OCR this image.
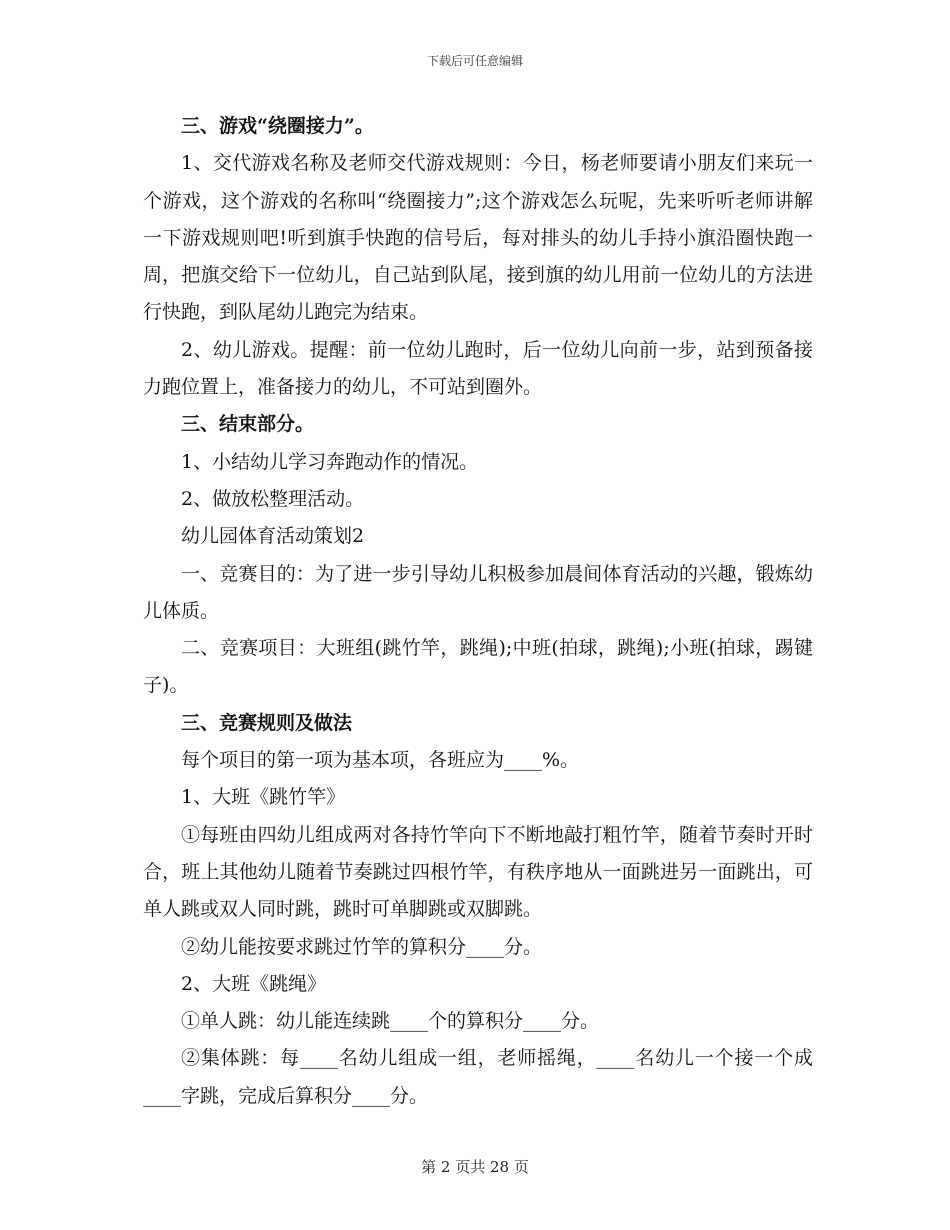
下载后可任意编辑

三、游戏“绕圈接力”。

1、交代游戏名称及老师交代游戏规则：今日，杨老师要请小朋友们来玩一个游戏，这个游戏的名称叫“绕圈接力”;这个游戏怎么玩呢，先来听听老师讲解一下游戏规则吧!听到旗手快跑的信号后，每对排头的幼儿手持小旗沿圈快跑一周，把旗交给下一位幼儿，自己站到队尾，接到旗的幼儿用前一位幼儿的方法进行快跑，到队尾幼儿跑完为结束。

2、幼儿游戏。提醒：前一位幼儿跑时，后一位幼儿向前一步，站到预备接力跑位置上，准备接力的幼儿，不可站到圈外。

三、结束部分。

1、小结幼儿学习奔跑动作的情况。

2、做放松整理活动。

幼儿园体育活动策划2

一、竞赛目的：为了进一步引导幼儿积极参加晨间体育活动的兴趣，锻炼幼儿体质。

二、竞赛项目：大班组(跳竹竿，跳绳);中班(拍球，跳绳);小班(拍球，踢键子)。

三、竞赛规则及做法

每个项目的第一项为基本项，各班应为____%。

1、大班《跳竹竿》

①每班由四幼儿组成两对各持竹竿向下不断地敲打粗竹竿，随着节奏时开时合，班上其他幼儿随着节奏跳过四根竹竿，有秩序地从一面跳进另一面跳出，可单人跳或双人同时跳，跳时可单脚跳或双脚跳。

②幼儿能按要求跳过竹竿的算积分____分。

2、大班《跳绳》

①单人跳：幼儿能连续跳____个的算积分____分。

②集体跳：每____名幼儿组成一组，老师摇绳，____名幼儿一个接一个成____字跳，完成后算积分____分。

第 2 页共 28 页
